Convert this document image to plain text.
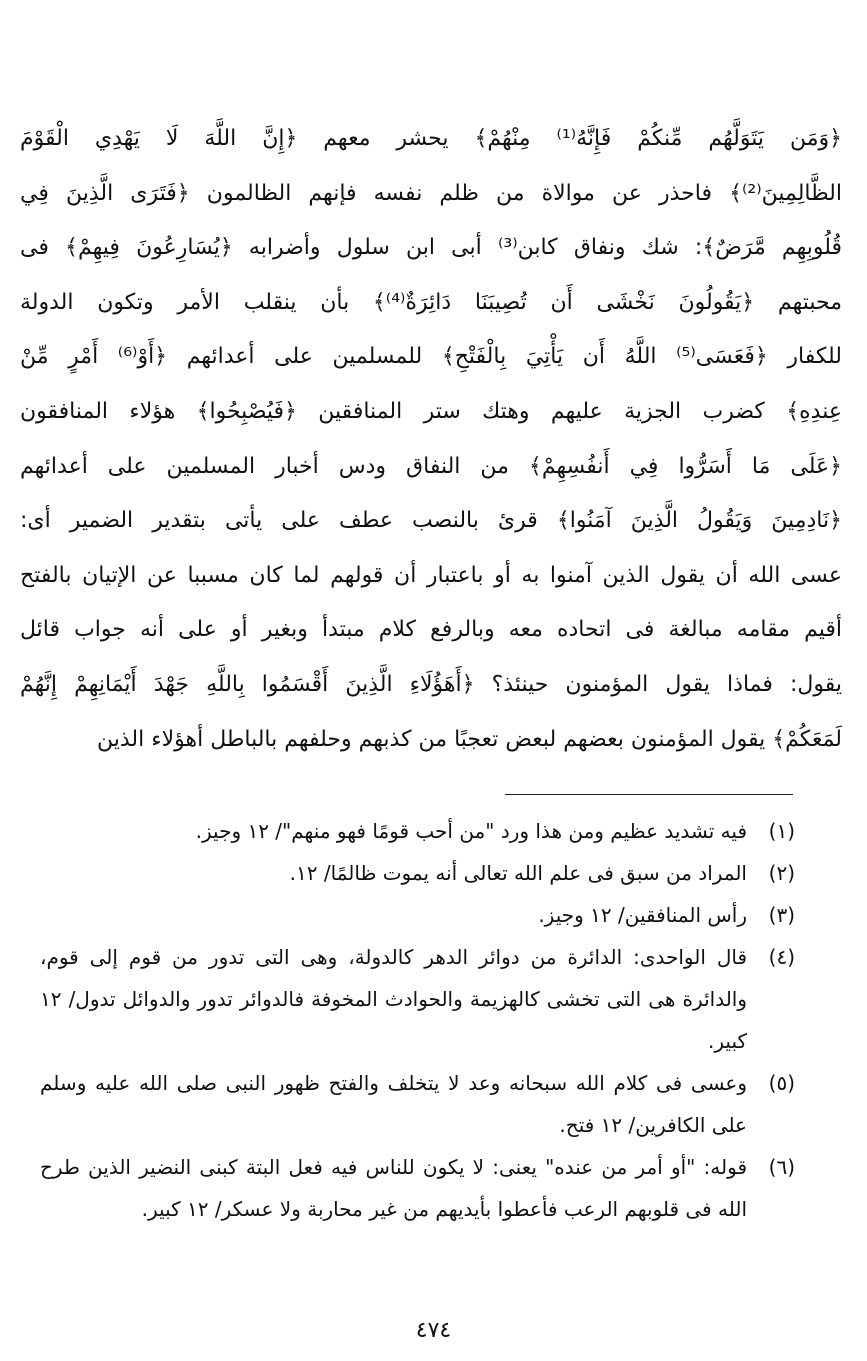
﴿وَمَن يَتَوَلَّهُم مِّنكُمْ فَإِنَّهُ⁽¹⁾ مِنْهُمْ﴾ يحشر معهم ﴿إِنَّ اللَّهَ لَا يَهْدِي الْقَوْمَ
الظَّالِمِينَ⁽²⁾﴾ فاحذر عن موالاة من ظلم نفسه فإنهم الظالمون ﴿فَتَرَى الَّذِينَ فِي
قُلُوبِهِم مَّرَضٌ﴾: شك ونفاق كابن⁽³⁾ أبى ابن سلول وأضرابه ﴿يُسَارِعُونَ فِيهِمْ﴾ فى
محبتهم ﴿يَقُولُونَ نَخْشَى أَن تُصِيبَنَا دَائِرَةٌ⁽⁴⁾﴾ بأن ينقلب الأمر وتكون الدولة
للكفار ﴿فَعَسَى⁽⁵⁾ اللَّهُ أَن يَأْتِيَ بِالْفَتْحِ﴾ للمسلمين على أعدائهم ﴿أَوْ⁽⁶⁾ أَمْرٍ مِّنْ
عِندِهِ﴾ كضرب الجزية عليهم وهتك ستر المنافقين ﴿فَيُصْبِحُوا﴾ هؤلاء المنافقون
﴿عَلَى مَا أَسَرُّوا فِي أَنفُسِهِمْ﴾ من النفاق ودس أخبار المسلمين على أعدائهم
﴿نَادِمِينَ وَيَقُولُ الَّذِينَ آمَنُوا﴾ قرئ بالنصب عطف على يأتى بتقدير الضمير أى:
عسى الله أن يقول الذين آمنوا به أو باعتبار أن قولهم لما كان مسببا عن الإتيان بالفتح
أقيم مقامه مبالغة فى اتحاده معه وبالرفع كلام مبتدأ وبغير أو على أنه جواب قائل
يقول: فماذا يقول المؤمنون حينئذ؟ ﴿أَهَؤُلَاءِ الَّذِينَ أَقْسَمُوا بِاللَّهِ جَهْدَ أَيْمَانِهِمْ إِنَّهُمْ
لَمَعَكُمْ﴾ يقول المؤمنون بعضهم لبعض تعجبًا من كذبهم وحلفهم بالباطل أهؤلاء الذين
(١)
فيه تشديد عظيم ومن هذا ورد "من أحب قومًا فهو منهم"/ ١٢ وجيز.
(٢)
المراد من سبق فى علم الله تعالى أنه يموت ظالمًا/ ١٢.
(٣)
رأس المنافقين/ ١٢ وجيز.
(٤)
قال الواحدى: الدائرة من دوائر الدهر كالدولة، وهى التى تدور من قوم إلى قوم، والدائرة هى التى تخشى كالهزيمة والحوادث المخوفة فالدوائر تدور والدوائل تدول/ ١٢ كبير.
(٥)
وعسى فى كلام الله سبحانه وعد لا يتخلف والفتح ظهور النبى صلى الله عليه وسلم على الكافرين/ ١٢ فتح.
(٦)
قوله: "أو أمر من عنده" يعنى: لا يكون للناس فيه فعل البتة كبنى النضير الذين طرح الله فى قلوبهم الرعب فأعطوا بأيديهم من غير محاربة ولا عسكر/ ١٢ كبير.
٤٧٤
